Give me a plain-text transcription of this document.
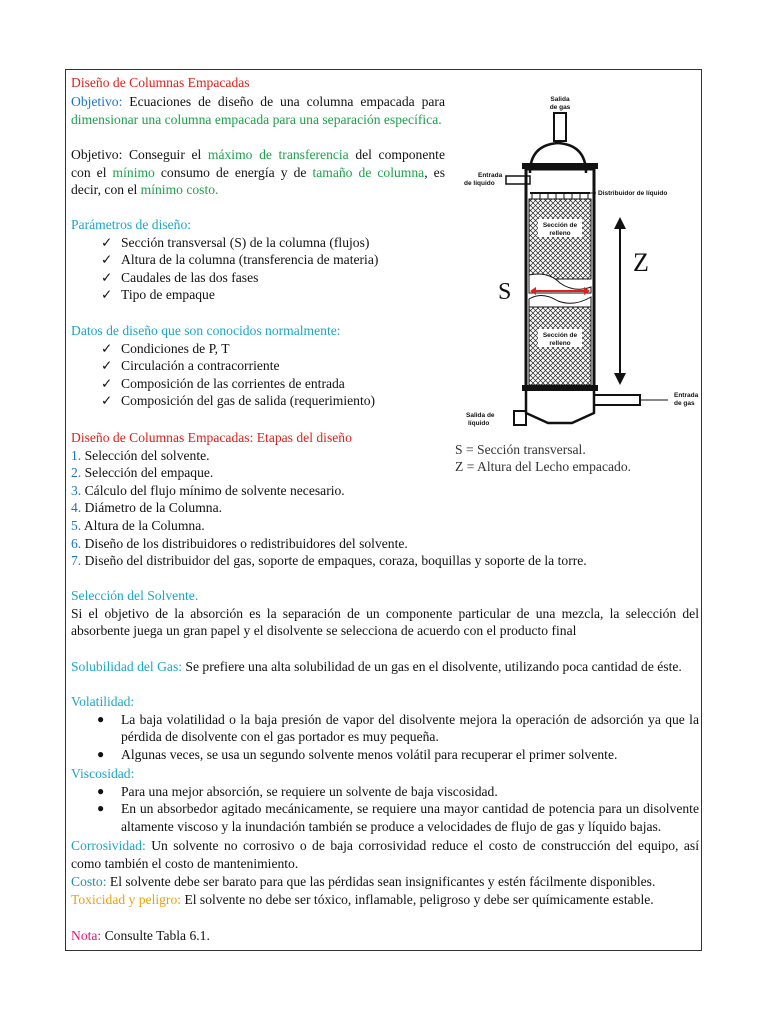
Diseño de Columnas Empacadas
Objetivo: Ecuaciones de diseño de una columna empacada para
dimensionar una columna empacada para una separación específica.
Objetivo: Conseguir el máximo de transferencia del componente
con el mínimo consumo de energía y de tamaño de columna, es
decir, con el mínimo costo.
Parámetros de diseño:
✓ Sección transversal (S) de la columna (flujos)
✓ Altura de la columna (transferencia de materia)
✓ Caudales de las dos fases
✓ Tipo de empaque
Datos de diseño que son conocidos normalmente:
✓ Condiciones de P, T
✓ Circulación a contracorriente
✓ Composición de las corrientes de entrada
✓ Composición del gas de salida (requerimiento)
Diseño de Columnas Empacadas: Etapas del diseño
1. Selección del solvente.
2. Selección del empaque.
3. Cálculo del flujo mínimo de solvente necesario.
4. Diámetro de la Columna.
5. Altura de la Columna.
6. Diseño de los distribuidores o redistribuidores del solvente.
7. Diseño del distribuidor del gas, soporte de empaques, coraza, boquillas y soporte de la torre.
Selección del Solvente.
Si el objetivo de la absorción es la separación de un componente particular de una mezcla, la selección del absorbente juega un gran papel y el disolvente se selecciona de acuerdo con el producto final
Solubilidad del Gas: Se prefiere una alta solubilidad de un gas en el disolvente, utilizando poca cantidad de éste.
Volatilidad:
● La baja volatilidad o la baja presión de vapor del disolvente mejora la operación de adsorción ya que la pérdida de disolvente con el gas portador es muy pequeña.
● Algunas veces, se usa un segundo solvente menos volátil para recuperar el primer solvente.
Viscosidad:
● Para una mejor absorción, se requiere un solvente de baja viscosidad.
● En un absorbedor agitado mecánicamente, se requiere una mayor cantidad de potencia para un disolvente altamente viscoso y la inundación también se produce a velocidades de flujo de gas y líquido bajas.
Corrosividad: Un solvente no corrosivo o de baja corrosividad reduce el costo de construcción del equipo, así como también el costo de mantenimiento.
Costo: El solvente debe ser barato para que las pérdidas sean insignificantes y estén fácilmente disponibles.
Toxicidad y peligro: El solvente no debe ser tóxico, inflamable, peligroso y debe ser químicamente estable.
Nota: Consulte Tabla 6.1.
Sección de
relleno
Sección de
relleno
Salida
de gas
Entrada
de líquido
Distribuidor de líquido
Entrada
de gas
Salida de
líquido
S
Z
S = Sección transversal.
Z = Altura del Lecho empacado.
